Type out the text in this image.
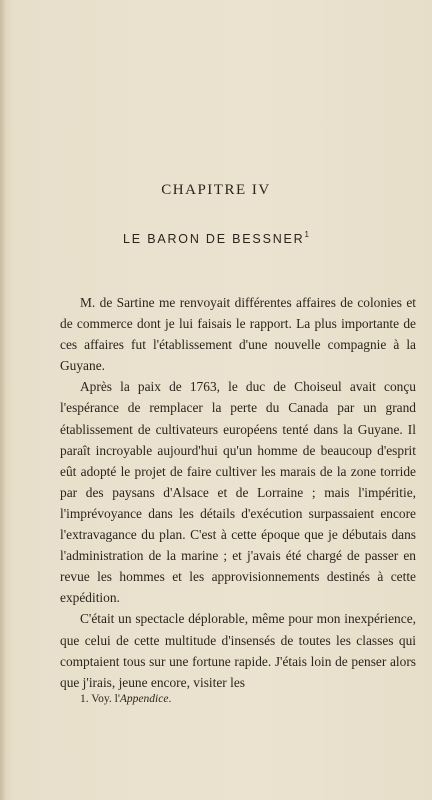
CHAPITRE IV
LE BARON DE BESSNER$^1$

M. de Sartine me renvoyait différentes affaires de colonies et de commerce dont je lui faisais le rapport. La plus importante de ces affaires fut l'établissement d'une nouvelle compagnie à la Guyane.

Après la paix de 1763, le duc de Choiseul avait conçu l'espérance de remplacer la perte du Canada par un grand établissement de cultivateurs européens tenté dans la Guyane. Il paraît incroyable aujourd'hui qu'un homme de beaucoup d'esprit eût adopté le projet de faire cultiver les marais de la zone torride par des paysans d'Alsace et de Lorraine ; mais l'impéritie, l'imprévoyance dans les détails d'exécution surpassaient encore l'extravagance du plan. C'est à cette époque que je débutais dans l'administration de la marine ; et j'avais été chargé de passer en revue les hommes et les approvisionnements destinés à cette expédition.

C'était un spectacle déplorable, même pour mon inexpérience, que celui de cette multitude d'insensés de toutes les classes qui comptaient tous sur une fortune rapide. J'étais loin de penser alors que j'irais, jeune encore, visiter les

1. Voy. l'Appendice.
